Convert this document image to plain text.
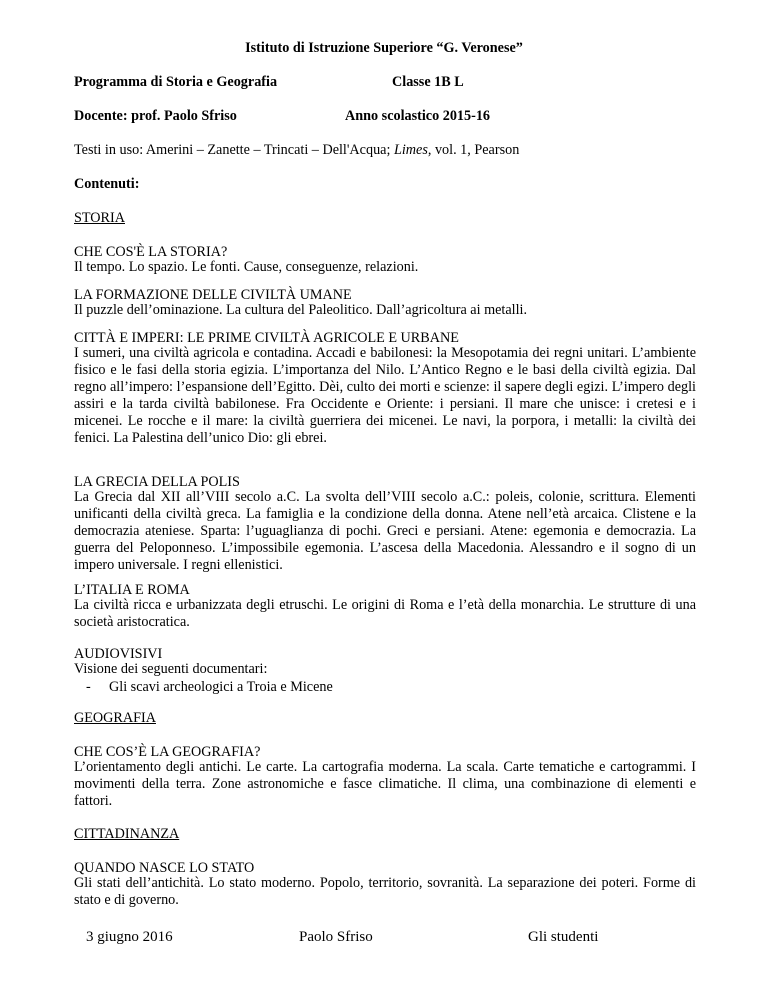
Istituto di Istruzione Superiore “G. Veronese”
Programma di Storia e Geografia	Classe 1B L
Docente: prof. Paolo Sfriso	Anno scolastico 2015-16
Testi in uso: Amerini – Zanette – Trincati – Dell'Acqua; Limes, vol. 1, Pearson
Contenuti:
STORIA
CHE COS'È LA STORIA?
Il tempo. Lo spazio. Le fonti. Cause, conseguenze, relazioni.
LA FORMAZIONE DELLE CIVILTÀ UMANE
Il puzzle dell’ominazione. La cultura del Paleolitico. Dall’agricoltura ai metalli.
CITTÀ E IMPERI: LE PRIME CIVILTÀ AGRICOLE E URBANE
I sumeri, una civiltà agricola e contadina. Accadi e babilonesi: la Mesopotamia dei regni unitari. L’ambiente fisico e le fasi della storia egizia. L’importanza del Nilo. L’Antico Regno e le basi della civiltà egizia. Dal regno all’impero: l’espansione dell’Egitto. Dèi, culto dei morti e scienze: il sapere degli egizi. L’impero degli assiri e la tarda civiltà babilonese. Fra Occidente e Oriente: i persiani. Il mare che unisce: i cretesi e i micenei. Le rocche e il mare: la civiltà guerriera dei micenei. Le navi, la porpora, i metalli: la civiltà dei fenici. La Palestina dell’unico Dio: gli ebrei.
LA GRECIA DELLA POLIS
La Grecia dal XII all’VIII secolo a.C. La svolta dell’VIII secolo a.C.: poleis, colonie, scrittura. Elementi unificanti della civiltà greca. La famiglia e la condizione della donna. Atene nell’età arcaica. Clistene e la democrazia ateniese. Sparta: l’uguaglianza di pochi. Greci e persiani. Atene: egemonia e democrazia. La guerra del Peloponneso. L’impossibile egemonia. L’ascesa della Macedonia. Alessandro e il sogno di un impero universale. I regni ellenistici.
L’ITALIA E ROMA
La civiltà ricca e urbanizzata degli etruschi. Le origini di Roma e l’età della monarchia. Le strutture di una società aristocratica.
AUDIOVISIVI
Visione dei seguenti documentari:
- Gli scavi archeologici a Troia e Micene
GEOGRAFIA
CHE COS’È LA GEOGRAFIA?
L’orientamento degli antichi. Le carte. La cartografia moderna. La scala. Carte tematiche e cartogrammi. I movimenti della terra. Zone astronomiche e fasce climatiche. Il clima, una combinazione di elementi e fattori.
CITTADINANZA
QUANDO NASCE LO STATO
Gli stati dell’antichità. Lo stato moderno. Popolo, territorio, sovranità. La separazione dei poteri. Forme di stato e di governo.
3 giugno 2016	Paolo Sfriso	Gli studenti
